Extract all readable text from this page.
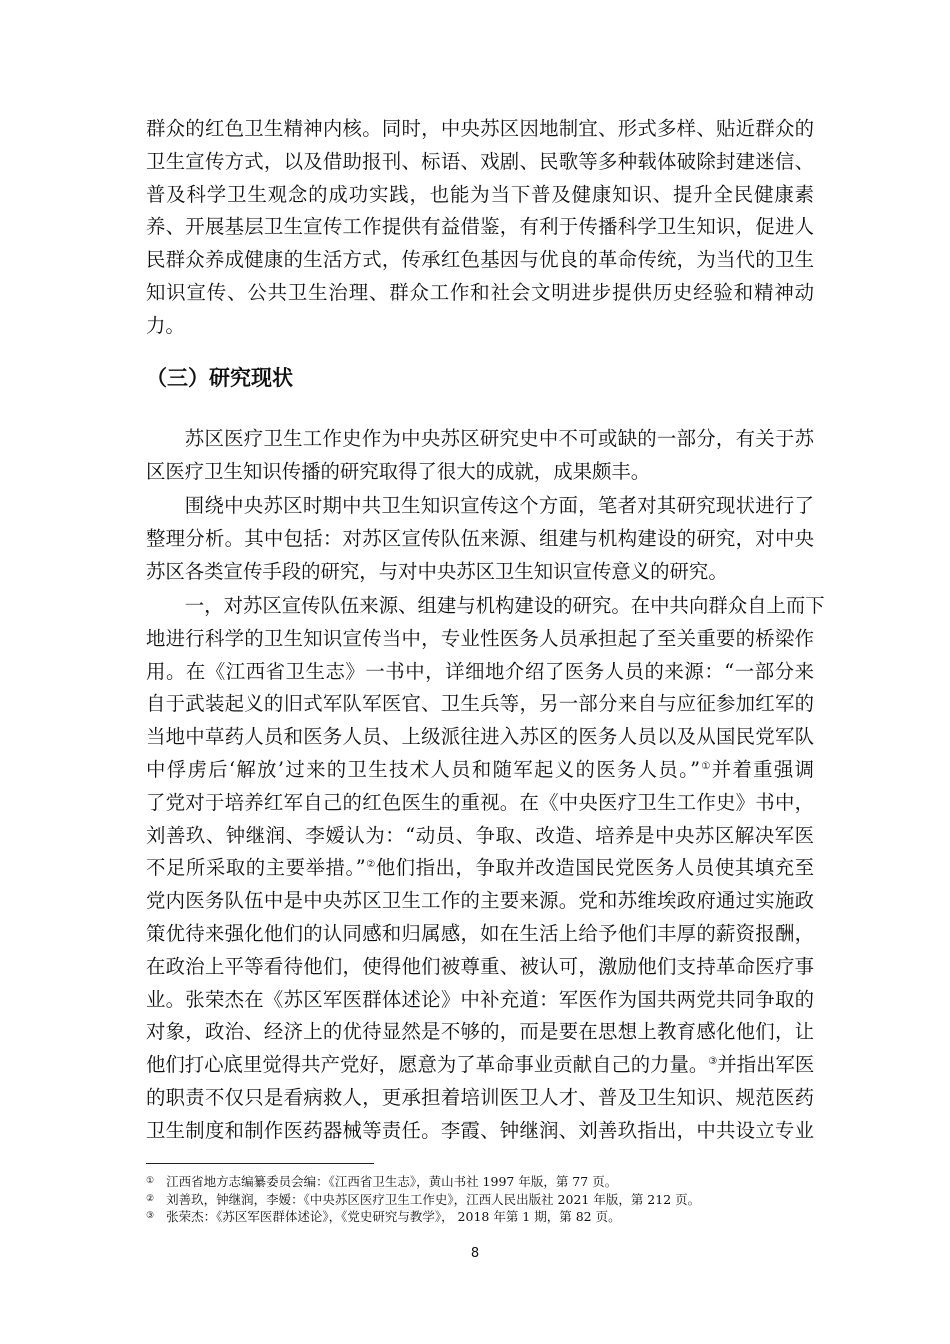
群众的红色卫生精神内核。同时，中央苏区因地制宜、形式多样、贴近群众的
卫生宣传方式，以及借助报刊、标语、戏剧、民歌等多种载体破除封建迷信、
普及科学卫生观念的成功实践，也能为当下普及健康知识、提升全民健康素
养、开展基层卫生宣传工作提供有益借鉴，有利于传播科学卫生知识，促进人
民群众养成健康的生活方式，传承红色基因与优良的革命传统，为当代的卫生
知识宣传、公共卫生治理、群众工作和社会文明进步提供历史经验和精神动
力。

（三）研究现状

苏区医疗卫生工作史作为中央苏区研究史中不可或缺的一部分，有关于苏
区医疗卫生知识传播的研究取得了很大的成就，成果颇丰。

围绕中央苏区时期中共卫生知识宣传这个方面，笔者对其研究现状进行了
整理分析。其中包括：对苏区宣传队伍来源、组建与机构建设的研究，对中央
苏区各类宣传手段的研究，与对中央苏区卫生知识宣传意义的研究。

一，对苏区宣传队伍来源、组建与机构建设的研究。在中共向群众自上而下
地进行科学的卫生知识宣传当中，专业性医务人员承担起了至关重要的桥梁作
用。在《江西省卫生志》一书中，详细地介绍了医务人员的来源：“一部分来
自于武装起义的旧式军队军医官、卫生兵等，另一部分来自与应征参加红军的
当地中草药人员和医务人员、上级派往进入苏区的医务人员以及从国民党军队
中俘虏后‘解放’过来的卫生技术人员和随军起义的医务人员。”①并着重强调
了党对于培养红军自己的红色医生的重视。在《中央医疗卫生工作史》书中，
刘善玖、钟继润、李嫒认为：“动员、争取、改造、培养是中央苏区解决军医
不足所采取的主要举措。”②他们指出，争取并改造国民党医务人员使其填充至
党内医务队伍中是中央苏区卫生工作的主要来源。党和苏维埃政府通过实施政
策优待来强化他们的认同感和归属感，如在生活上给予他们丰厚的薪资报酬，
在政治上平等看待他们，使得他们被尊重、被认可，激励他们支持革命医疗事
业。张荣杰在《苏区军医群体述论》中补充道：军医作为国共两党共同争取的
对象，政治、经济上的优待显然是不够的，而是要在思想上教育感化他们，让
他们打心底里觉得共产党好，愿意为了革命事业贡献自己的力量。③并指出军医
的职责不仅只是看病救人，更承担着培训医卫人才、普及卫生知识、规范医药
卫生制度和制作医药器械等责任。李霞、钟继润、刘善玖指出，中共设立专业

① 江西省地方志编纂委员会编：《江西省卫生志》，黄山书社 1997 年版，第 77 页。
② 刘善玖，钟继润，李嫒：《中央苏区医疗卫生工作史》，江西人民出版社 2021 年版，第 212 页。
③ 张荣杰：《苏区军医群体述论》，《党史研究与教学》， 2018 年第 1 期，第 82 页。
8
